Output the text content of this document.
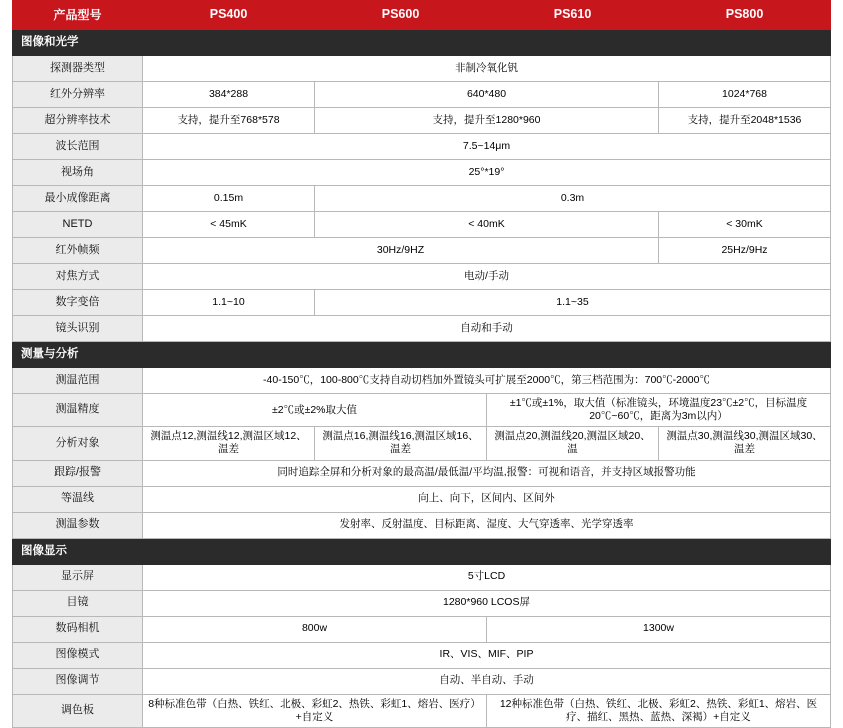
产品型号	PS400	PS600	PS610	PS800
图像和光学				
探测器类型	非制冷氧化钒			
红外分辨率	384*288	640*480		1024*768
超分辨率技术	支持，提升至768*578	支持，提升至1280*960		支持，提升至2048*1536
波长范围	7.5~14μm			
视场角	25°*19°			
最小成像距离	0.15m	0.3m		
NETD	< 45mK	< 40mK		< 30mK
红外帧频	30Hz/9HZ			25Hz/9Hz
对焦方式	电动/手动			
数字变倍	1.1~10	1.1~35		
镜头识别	自动和手动			
测量与分析				
测温范围	-40-150℃，100-800℃支持自动切档加外置镜头可扩展至2000℃，第三档范围为：700℃-2000℃			
测温精度	±2℃或±2%取大值		±1℃或±1%，取大值（标准镜头，环境温度23℃±2℃，目标温度20℃~60℃，距离为3m以内）	
分析对象	测温点12,测温线12,测温区域12、温差	测温点16,测温线16,测温区域16、温差	测温点20,测温线20,测温区域20、温	测温点30,测温线30,测温区域30、温差
跟踪/报警	同时追踪全屏和分析对象的最高温/最低温/平均温,报警：可视和语音，并支持区域报警功能			
等温线	向上、向下，区间内、区间外			
测温参数	发射率、反射温度、目标距离、湿度、大气穿透率、光学穿透率			
图像显示				
显示屏	5寸LCD			
目镜	1280*960 LCOS屏			
数码相机	800w		1300w	
图像模式	IR、VIS、MIF、PIP			
图像调节	自动、半自动、手动			
调色板	8种标准色带（白热、铁红、北极、彩虹2、热铁、彩虹1、熔岩、医疗）+自定义		12种标准色带（白热、铁红、北极、彩虹2、热铁、彩虹1、熔岩、医疗、描红、黑热、蓝热、深褐）+自定义	
